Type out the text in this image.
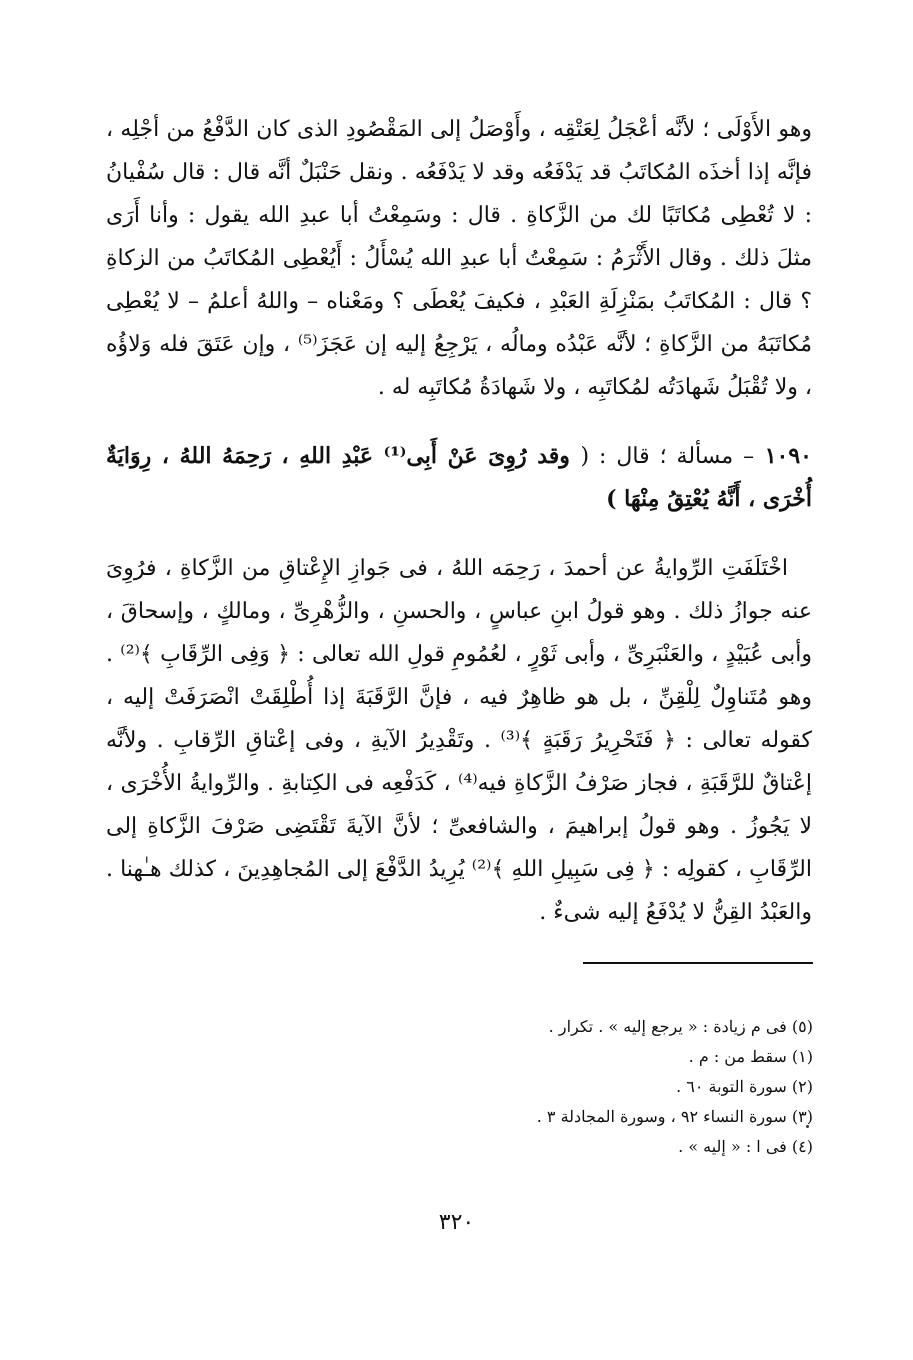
وهو الأَوْلَى ؛ لأنَّه أعْجَلُ لِعَتْقِه ، وأَوْصَلُ إلى المَقْصُودِ الذى كان الدَّفْعُ من أجْلِه ، فإنَّه إذا أخذَه المُكاتَبُ قد يَدْفَعُه وقد لا يَدْفَعُه . ونقل حَنْبَلٌ أنَّه قال : قال سُفْيانُ : لا تُعْطِى مُكاتَبًا لك من الزَّكاةِ . قال : وسَمِعْتُ أبا عبدِ الله يقول : وأنا أَرَى مثلَ ذلك . وقال الأَثْرَمُ : سَمِعْتُ أبا عبدِ الله يُسْأَلُ : أَيُعْطِى المُكاتَبُ من الزكاةِ ؟ قال : المُكاتَبُ بمَنْزِلَةِ العَبْدِ ، فكيفَ يُعْطَى ؟ ومَعْناه – واللهُ أعلمُ – لا يُعْطِى مُكاتَبَهُ من الزَّكاةِ ؛ لأنَّه عَبْدُه ومالُه ، يَرْجِعُ إليه إن عَجَزَ⁽⁵⁾ ، وإن عَتَقَ فله وَلاؤُه ، ولا تُقْبَلُ شَهادَتُه لمُكاتَبِه ، ولا شَهادَةُ مُكاتَبِه له .

١٠٩٠ – مسألة ؛ قال : ( وقد رُوِىَ عَنْ أَبِى⁽¹⁾ عَبْدِ اللهِ ، رَحِمَهُ اللهُ ، رِوَايَةٌ أُخْرَى ، أَنَّهُ يُعْتِقُ مِنْهَا )

اخْتَلَفَتِ الرِّوايةُ عن أحمدَ ، رَحِمَه اللهُ ، فى جَوازِ الإِعْتاقِ من الزَّكاةِ ، فرُوِىَ عنه جوازُ ذلك . وهو قولُ ابنِ عباسٍ ، والحسنِ ، والزُّهْرِىِّ ، ومالكٍ ، وإسحاقَ ، وأبى عُبَيْدٍ ، والعَنْبَرِىِّ ، وأبى ثَوْرٍ ، لعُمُومِ قولِ الله تعالى : ﴿ وَفِى الرِّقَابِ ﴾⁽²⁾ . وهو مُتَناوِلٌ لِلْقِنِّ ، بل هو ظاهِرٌ فيه ، فإنَّ الرَّقَبَةَ إذا أُطْلِقَتْ انْصَرَفَتْ إليه ، كقوله تعالى : ﴿ فَتَحْرِيرُ رَقَبَةٍ ﴾⁽³⁾ . وتَقْدِيرُ الآيةِ ، وفى إعْتاقِ الرِّقابِ . ولأنَّه إعْتاقٌ للرَّقَبَةِ ، فجاز صَرْفُ الزَّكاةِ فيه⁽⁴⁾ ، كَدَفْعِه فى الكِتابةِ . والرِّوايةُ الأُخْرَى ، لا يَجُوزُ . وهو قولُ إبراهيمَ ، والشافعىِّ ؛ لأنَّ الآيةَ تَقْتَضِى صَرْفَ الزَّكاةِ إلى الرِّقَابِ ، كقولِه : ﴿ فِى سَبِيلِ اللهِ ﴾⁽²⁾ يُرِيدُ الدَّفْعَ إلى المُجاهِدِينَ ، كذلك هـٰهنا . والعَبْدُ القِنُّ لا يُدْفَعُ إليه شىءٌ .

(٥) فى م زيادة : « يرجع إليه » . تكرار .
(١) سقط من : م .
(٢) سورة التوبة ٦٠ .
(٣) سورة النساء ٩٢ ، وسورة المجادلة ٣ .
(٤) فى ا : « إليه » .
٣٢٠
